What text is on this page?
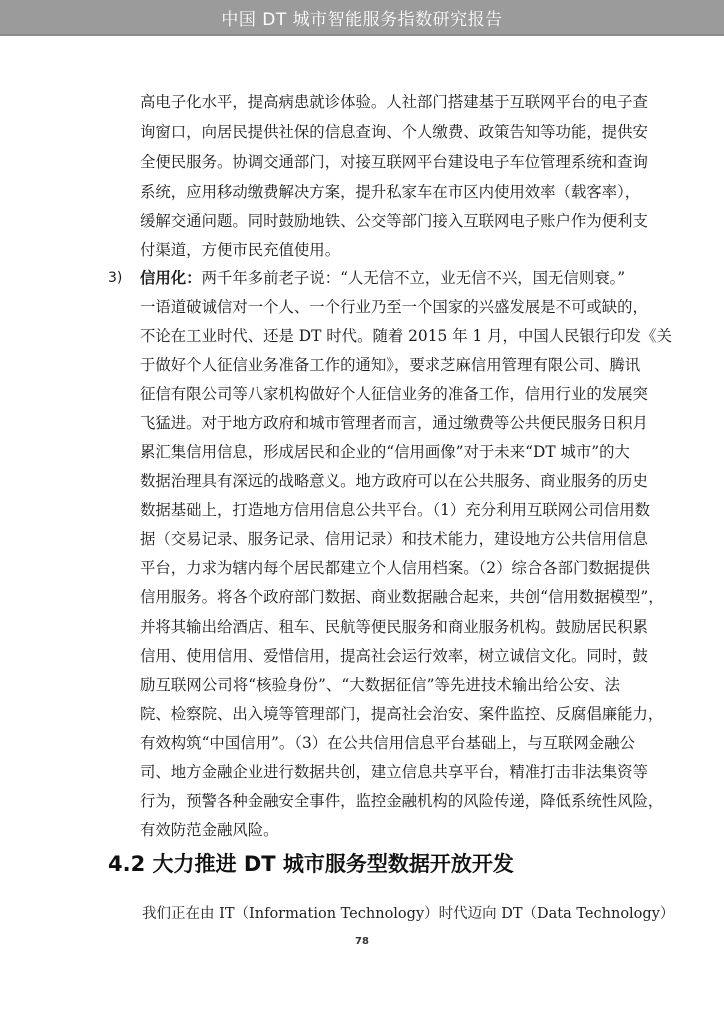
中国 DT 城市智能服务指数研究报告
高电子化水平，提高病患就诊体验。人社部门搭建基于互联网平台的电子查
询窗口，向居民提供社保的信息查询、个人缴费、政策告知等功能，提供安
全便民服务。协调交通部门，对接互联网平台建设电子车位管理系统和查询
系统，应用移动缴费解决方案，提升私家车在市区内使用效率（载客率），
缓解交通问题。同时鼓励地铁、公交等部门接入互联网电子账户作为便利支
付渠道，方便市民充值使用。
3) 信用化：两千年多前老子说：“人无信不立，业无信不兴，国无信则衰。”
一语道破诚信对一个人、一个行业乃至一个国家的兴盛发展是不可或缺的，
不论在工业时代、还是 DT 时代。随着 2015 年 1 月，中国人民银行印发《关
于做好个人征信业务准备工作的通知》，要求芝麻信用管理有限公司、腾讯
征信有限公司等八家机构做好个人征信业务的准备工作，信用行业的发展突
飞猛进。对于地方政府和城市管理者而言，通过缴费等公共便民服务日积月
累汇集信用信息，形成居民和企业的“信用画像”对于未来“DT 城市”的大
数据治理具有深远的战略意义。地方政府可以在公共服务、商业服务的历史
数据基础上，打造地方信用信息公共平台。（1）充分利用互联网公司信用数
据（交易记录、服务记录、信用记录）和技术能力，建设地方公共信用信息
平台，力求为辖内每个居民都建立个人信用档案。（2）综合各部门数据提供
信用服务。将各个政府部门数据、商业数据融合起来，共创“信用数据模型”，
并将其输出给酒店、租车、民航等便民服务和商业服务机构。鼓励居民积累
信用、使用信用、爱惜信用，提高社会运行效率，树立诚信文化。同时，鼓
励互联网公司将“核验身份”、“大数据征信”等先进技术输出给公安、法
院、检察院、出入境等管理部门，提高社会治安、案件监控、反腐倡廉能力，
有效构筑“中国信用”。（3）在公共信用信息平台基础上，与互联网金融公
司、地方金融企业进行数据共创，建立信息共享平台，精准打击非法集资等
行为，预警各种金融安全事件，监控金融机构的风险传递，降低系统性风险，
有效防范金融风险。
4.2 大力推进 DT 城市服务型数据开放开发
我们正在由 IT（Information Technology）时代迈向 DT（Data Technology）
78
